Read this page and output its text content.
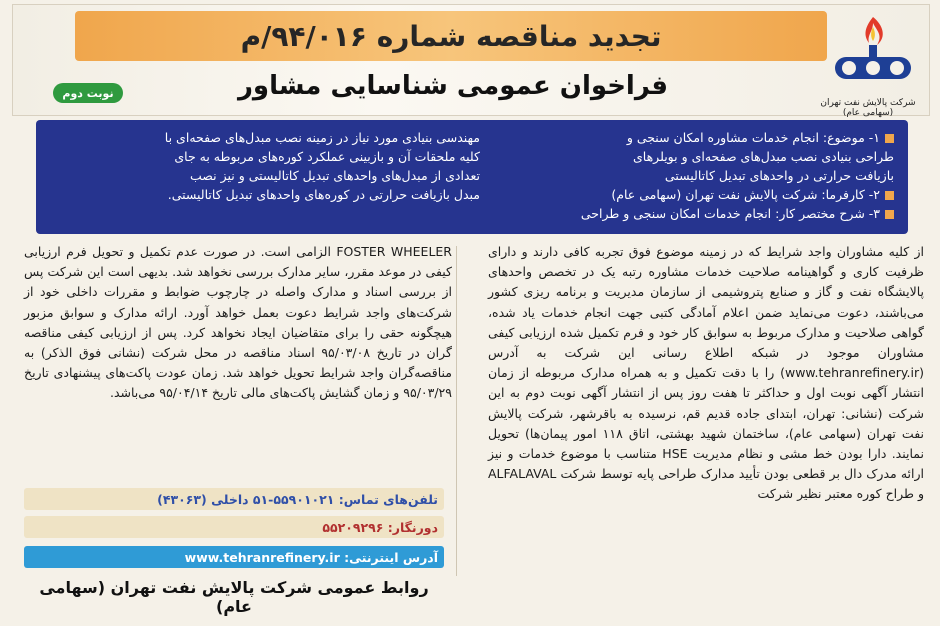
تجدید مناقصه شماره ۹۴/۰۱۶/م
فراخوان عمومی شناسایی مشاور
نوبت دوم
شرکت پالایش نفت تهران (سهامی عام)
۱- موضوع: انجام خدمات مشاوره امکان سنجی و
طراحی بنیادی نصب مبدل‌های صفحه‌ای و بویلرهای
بازیافت حرارتی در واحدهای تبدیل کاتالیستی
۲- کارفرما: شرکت پالایش نفت تهران (سهامی عام)
۳- شرح مختصر کار: انجام خدمات امکان سنجی و طراحی
مهندسی بنیادی مورد نیاز در زمینه نصب مبدل‌های صفحه‌ای با
کلیه ملحقات آن و بازبینی عملکرد کوره‌های مربوطه به جای
تعدادی از مبدل‌های واحدهای تبدیل کاتالیستی و نیز نصب
مبدل بازیافت حرارتی در کوره‌های واحدهای تبدیل کاتالیستی.
از کلیه مشاوران واجد شرایط که در زمینه موضوع فوق تجربه کافی دارند و دارای ظرفیت کاری و گواهینامه صلاحیت خدمات مشاوره رتبه یک در تخصص واحدهای پالایشگاه نفت و گاز و صنایع پتروشیمی از سازمان مدیریت و برنامه ریزی کشور می‌باشند، دعوت می‌نماید ضمن اعلام آمادگی کتبی جهت انجام خدمات یاد شده، گواهی صلاحیت و مدارک مربوط به سوابق کار خود و فرم تکمیل شده ارزیابی کیفی مشاوران موجود در شبکه اطلاع رسانی این شرکت به آدرس (www.tehranrefinery.ir) را با دقت تکمیل و به همراه مدارک مربوطه از زمان انتشار آگهی نوبت اول و حداکثر تا هفت روز پس از انتشار آگهی نوبت دوم به این شرکت (نشانی: تهران، ابتدای جاده قدیم قم، نرسیده به باقرشهر، شرکت پالایش نفت تهران (سهامی عام)، ساختمان شهید بهشتی، اتاق ۱۱۸ امور پیمان‌ها) تحویل نمایند. دارا بودن خط مشی و نظام مدیریت HSE متناسب با موضوع خدمات و نیز ارائه مدرک دال بر قطعی بودن تأیید مدارک طراحی پایه توسط شرکت ALFALAVAL و طراح کوره معتبر نظیر شرکت
FOSTER WHEELER الزامی است. در صورت عدم تکمیل و تحویل فرم ارزیابی کیفی در موعد مقرر، سایر مدارک بررسی نخواهد شد. بدیهی است این شرکت پس از بررسی اسناد و مدارک واصله در چارچوب ضوابط و مقررات داخلی خود از شرکت‌های واجد شرایط دعوت بعمل خواهد آورد. ارائه مدارک و سوابق مزبور هیچگونه حقی را برای متقاضیان ایجاد نخواهد کرد. پس از ارزیابی کیفی مناقصه گران در تاریخ ۹۵/۰۳/۰۸ اسناد مناقصه در محل شرکت (نشانی فوق الذکر) به مناقصه‌گران واجد شرایط تحویل خواهد شد. زمان عودت پاکت‌های پیشنهادی تاریخ ۹۵/۰۳/۲۹ و زمان گشایش پاکت‌های مالی تاریخ ۹۵/۰۴/۱۴ می‌باشد.
تلفن‌های تماس: ۵۵۹۰۱۰۲۱-۵۱ داخلی (۴۳۰۶۳)
دورنگار: ۵۵۲۰۹۲۹۶
آدرس اینترنتی: www.tehranrefinery.ir
روابط عمومی شرکت پالایش نفت تهران (سهامی عام)
